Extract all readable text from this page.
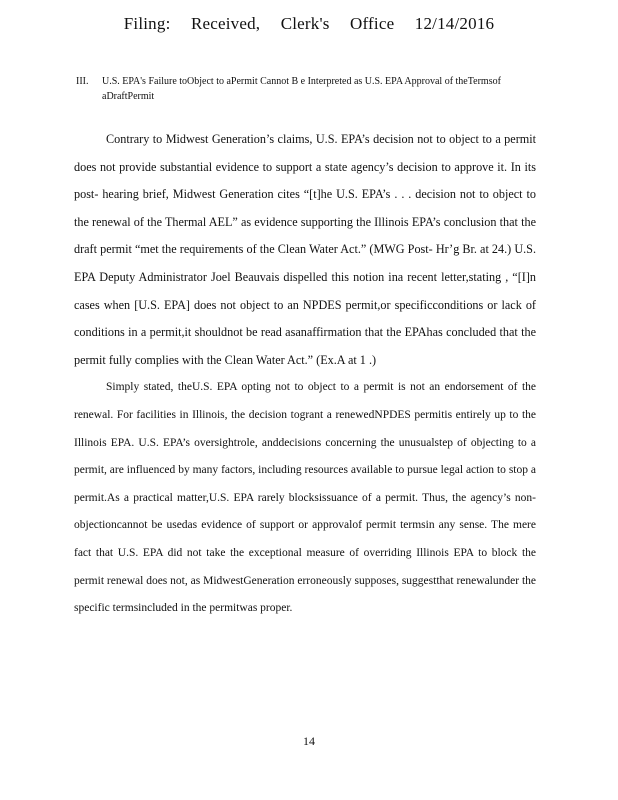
Filing: Received, Clerk's Office 12/14/2016
III.	U.S. EPA's Failure toObject to aPermit Cannot B e Interpreted as U.S. EPA Approval of theTermsof aDraftPermit

Contrary to Midwest Generation’s claims, U.S. EPA’s decision not to object to a permit does not provide substantial evidence to support a state agency’s decision to approve it. In its post- hearing brief, Midwest Generation cites “[t]he U.S. EPA’s . . . decision not to object to the renewal of the Thermal AEL” as evidence supporting the Illinois EPA’s conclusion that the draft permit “met the requirements of the Clean Water Act.” (MWG Post- Hr’g Br. at 24.) U.S. EPA Deputy Administrator Joel Beauvais dispelled this notion ina recent letter,stating , “[I]n cases when [U.S. EPA] does not object to an NPDES permit,or specificconditions or lack of conditions in a permit,it shouldnot be read asanaffirmation that the EPAhas concluded that the permit fully complies with the Clean Water Act.” (Ex.A at 1 .)

Simply stated, theU.S. EPA opting not to object to a permit is not an endorsement of the renewal. For facilities in Illinois, the decision togrant a renewedNPDES permitis entirely up to the Illinois EPA. U.S. EPA’s oversightrole, anddecisions concerning the unusualstep of objecting to a permit, are influenced by many factors, including resources available to pursue legal action to stop a permit.As a practical matter,U.S. EPA rarely blocksissuance of a permit. Thus, the agency’s non-objectioncannot be usedas evidence of support or approvalof permit termsin any sense. The mere fact that U.S. EPA did not take the exceptional measure of overriding Illinois EPA to block the permit renewal does not, as MidwestGeneration erroneously supposes, suggestthat renewalunder the specific termsincluded in the permitwas proper.

14
